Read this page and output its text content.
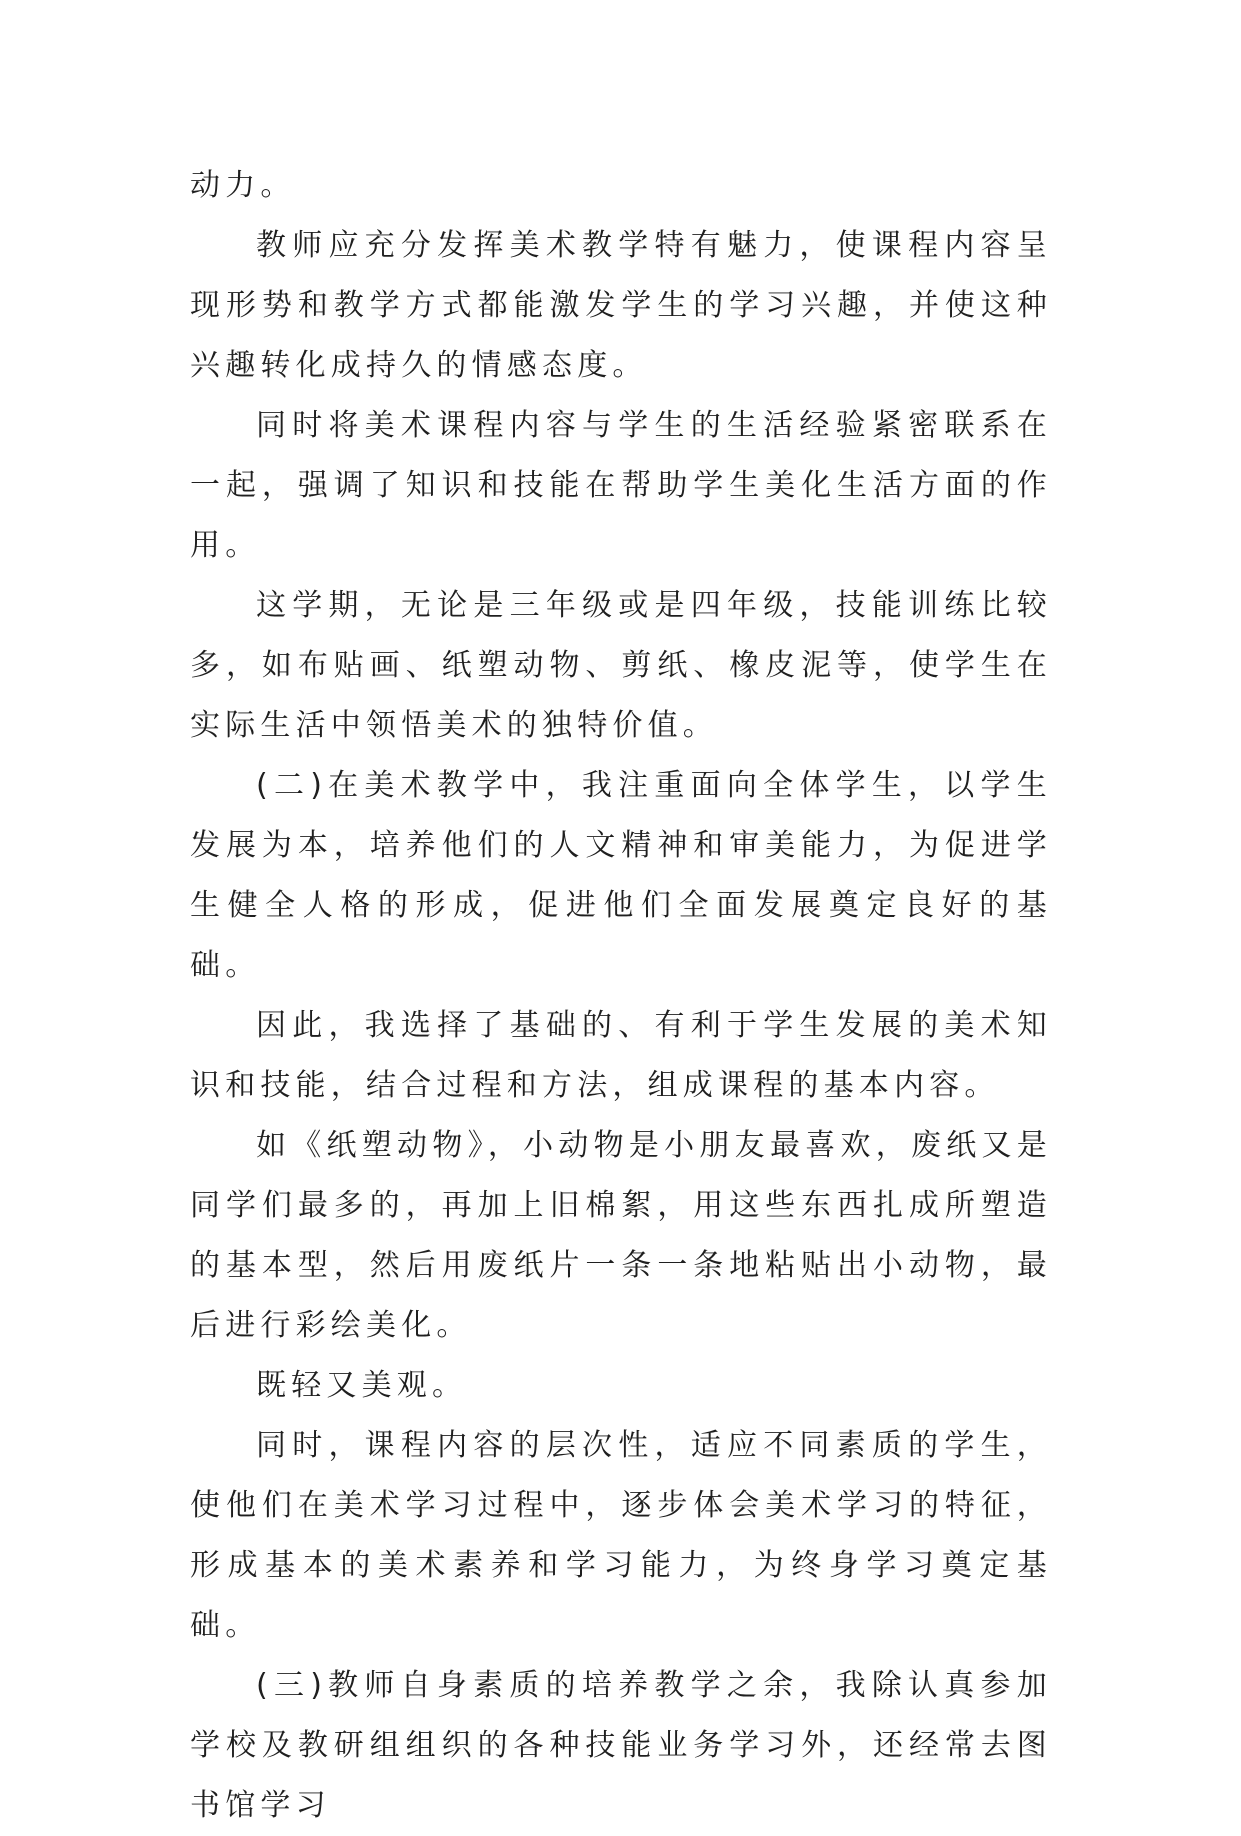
动力。

教师应充分发挥美术教学特有魅力，使课程内容呈现形势和教学方式都能激发学生的学习兴趣，并使这种兴趣转化成持久的情感态度。

同时将美术课程内容与学生的生活经验紧密联系在一起，强调了知识和技能在帮助学生美化生活方面的作用。

这学期，无论是三年级或是四年级，技能训练比较多，如布贴画、纸塑动物、剪纸、橡皮泥等，使学生在实际生活中领悟美术的独特价值。

(二)在美术教学中，我注重面向全体学生，以学生发展为本，培养他们的人文精神和审美能力，为促进学生健全人格的形成，促进他们全面发展奠定良好的基础。

因此，我选择了基础的、有利于学生发展的美术知识和技能，结合过程和方法，组成课程的基本内容。

如《纸塑动物》，小动物是小朋友最喜欢，废纸又是同学们最多的，再加上旧棉絮，用这些东西扎成所塑造的基本型，然后用废纸片一条一条地粘贴出小动物，最后进行彩绘美化。

既轻又美观。

同时，课程内容的层次性，适应不同素质的学生，使他们在美术学习过程中，逐步体会美术学习的特征，形成基本的美术素养和学习能力，为终身学习奠定基础。

(三)教师自身素质的培养教学之余，我除认真参加学校及教研组组织的各种技能业务学习外，还经常去图书馆学习
